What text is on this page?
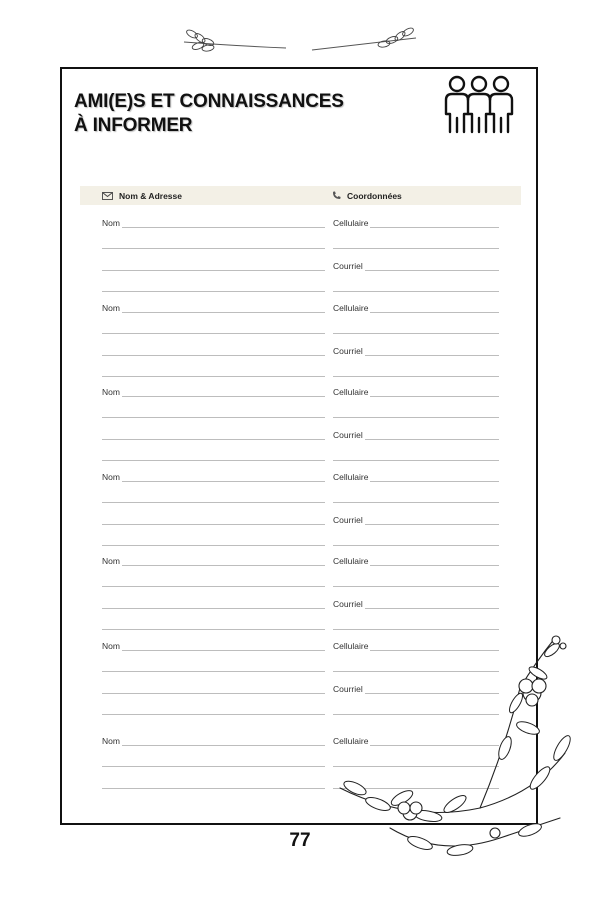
AMI(E)S ET CONNAISSANCES
À INFORMER
Nom & Adresse	Coordonnées
Nom	Cellulaire
Courriel
Nom	Cellulaire
Courriel
Nom	Cellulaire
Courriel
Nom	Cellulaire
Courriel
Nom	Cellulaire
Courriel
Nom	Cellulaire
Courriel
Nom	Cellulaire
77
